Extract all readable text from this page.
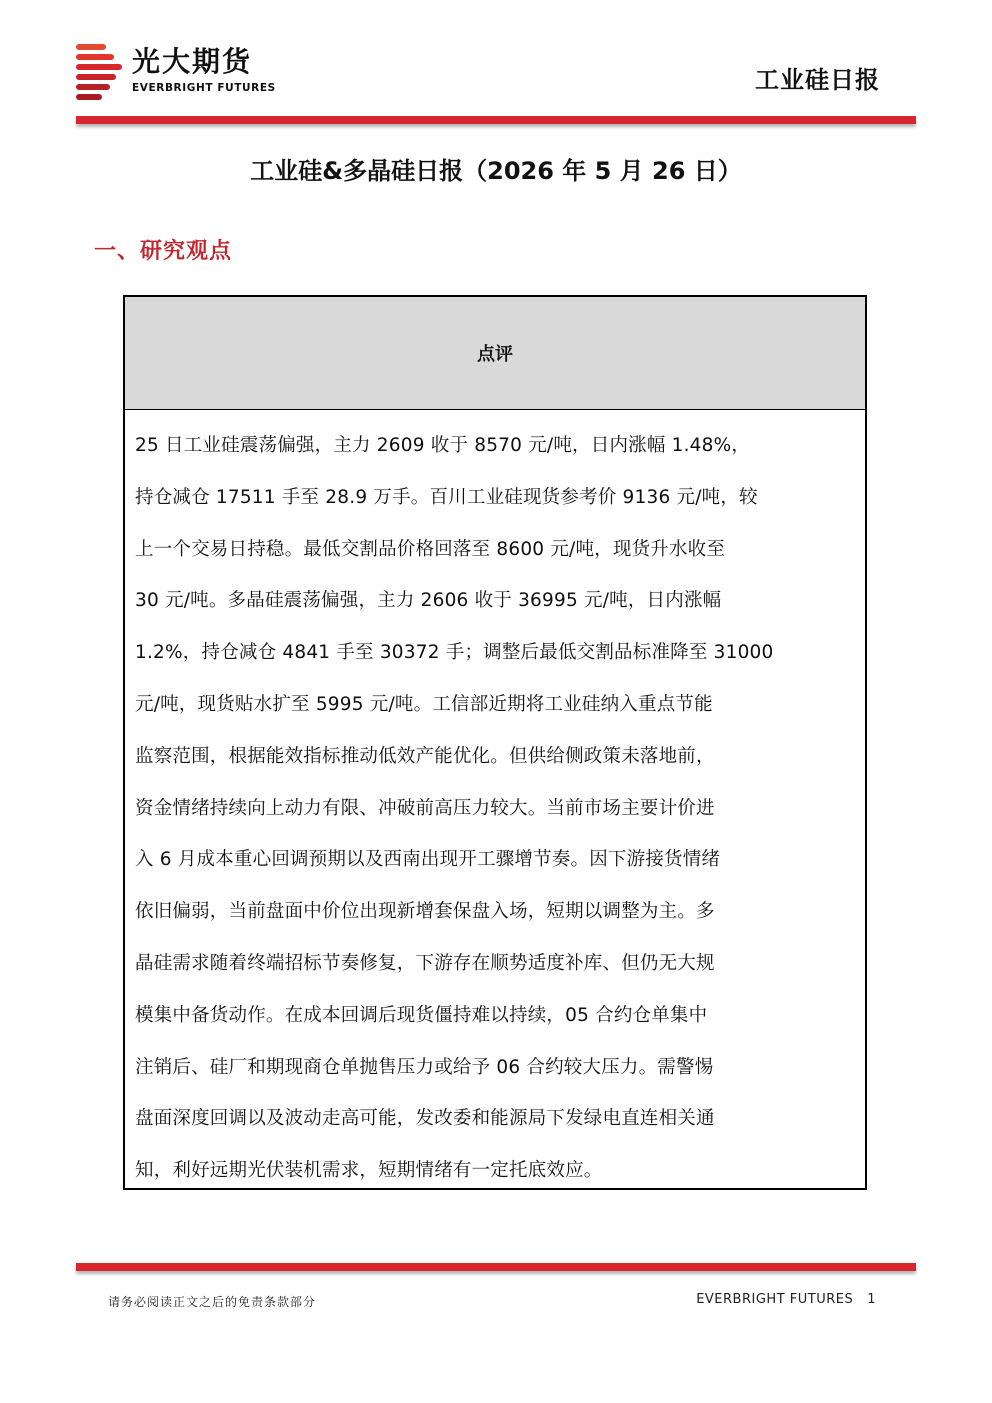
光大期货
EVERBRIGHT FUTURES	工业硅日报
工业硅&多晶硅日报（2026 年 5 月 26 日）
一、研究观点
点评
25 日工业硅震荡偏强，主力 2609 收于 8570 元/吨，日内涨幅 1.48%，
持仓减仓 17511 手至 28.9 万手。百川工业硅现货参考价 9136 元/吨，较
上一个交易日持稳。最低交割品价格回落至 8600 元/吨，现货升水收至
30 元/吨。多晶硅震荡偏强，主力 2606 收于 36995 元/吨，日内涨幅
1.2%，持仓减仓 4841 手至 30372 手；调整后最低交割品标准降至 31000
元/吨，现货贴水扩至 5995 元/吨。工信部近期将工业硅纳入重点节能
监察范围，根据能效指标推动低效产能优化。但供给侧政策未落地前，
资金情绪持续向上动力有限、冲破前高压力较大。当前市场主要计价进
入 6 月成本重心回调预期以及西南出现开工骤增节奏。因下游接货情绪
依旧偏弱，当前盘面中价位出现新增套保盘入场，短期以调整为主。多
晶硅需求随着终端招标节奏修复，下游存在顺势适度补库、但仍无大规
模集中备货动作。在成本回调后现货僵持难以持续，05 合约仓单集中
注销后、硅厂和期现商仓单抛售压力或给予 06 合约较大压力。需警惕
盘面深度回调以及波动走高可能，发改委和能源局下发绿电直连相关通
知，利好远期光伏装机需求，短期情绪有一定托底效应。
请务必阅读正文之后的免责条款部分	EVERBRIGHT FUTURES 1
